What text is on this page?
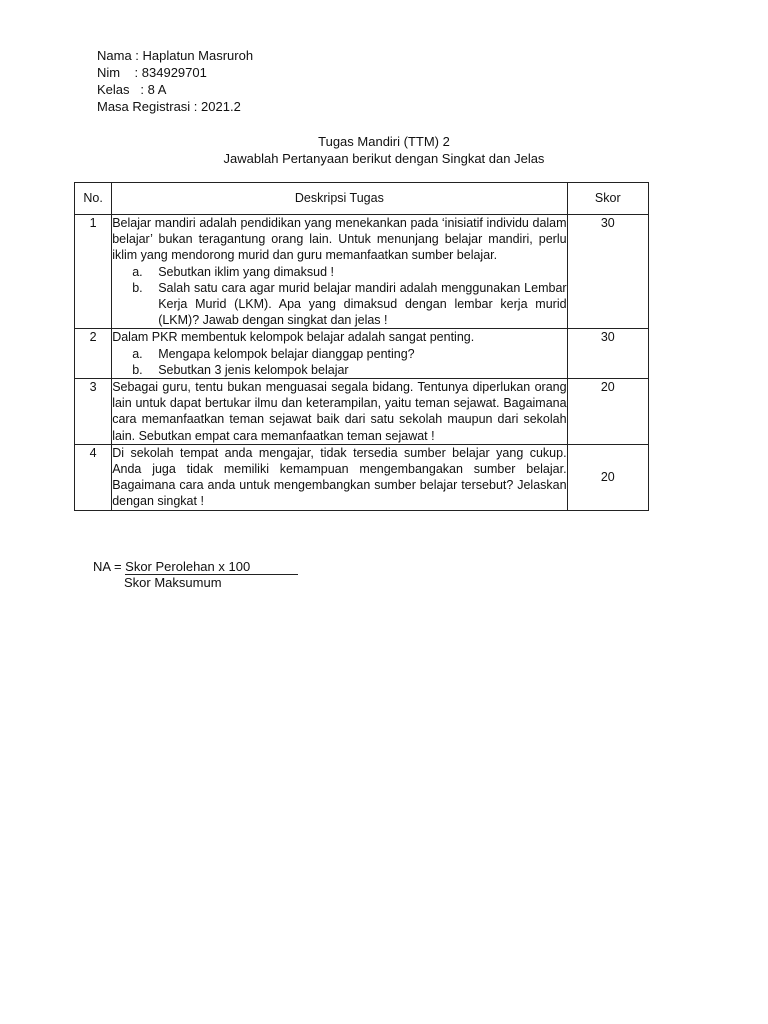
Nama : Haplatun Masruroh
Nim    : 834929701
Kelas   : 8 A
Masa Registrasi : 2021.2
Tugas Mandiri (TTM) 2
Jawablah Pertanyaan berikut dengan Singkat dan Jelas
No.	Deskripsi Tugas	Skor
1	Belajar mandiri adalah pendidikan yang menekankan pada ‘inisiatif individu dalam belajar’ bukan teragantung orang lain. Untuk menunjang belajar mandiri, perlu iklim yang mendorong murid dan guru memanfaatkan sumber belajar.
a. Sebutkan iklim yang dimaksud !
b. Salah satu cara agar murid belajar mandiri adalah menggunakan Lembar Kerja Murid (LKM). Apa yang dimaksud dengan lembar kerja murid (LKM)? Jawab dengan singkat dan jelas !	30
2	Dalam PKR membentuk kelompok belajar adalah sangat penting.
a. Mengapa kelompok belajar dianggap penting?
b. Sebutkan 3 jenis kelompok belajar	30
3	Sebagai guru, tentu bukan menguasai segala bidang. Tentunya diperlukan orang lain untuk dapat bertukar ilmu dan keterampilan, yaitu teman sejawat. Bagaimana cara memanfaatkan teman sejawat baik dari satu sekolah maupun dari sekolah lain. Sebutkan empat cara memanfaatkan teman sejawat !	20
4	Di sekolah tempat anda mengajar, tidak tersedia sumber belajar yang cukup. Anda juga tidak memiliki kemampuan mengembangakan sumber belajar. Bagaimana cara anda untuk mengembangkan sumber belajar tersebut? Jelaskan dengan singkat !	20
NA = Skor Perolehan x 100
Skor Maksumum
